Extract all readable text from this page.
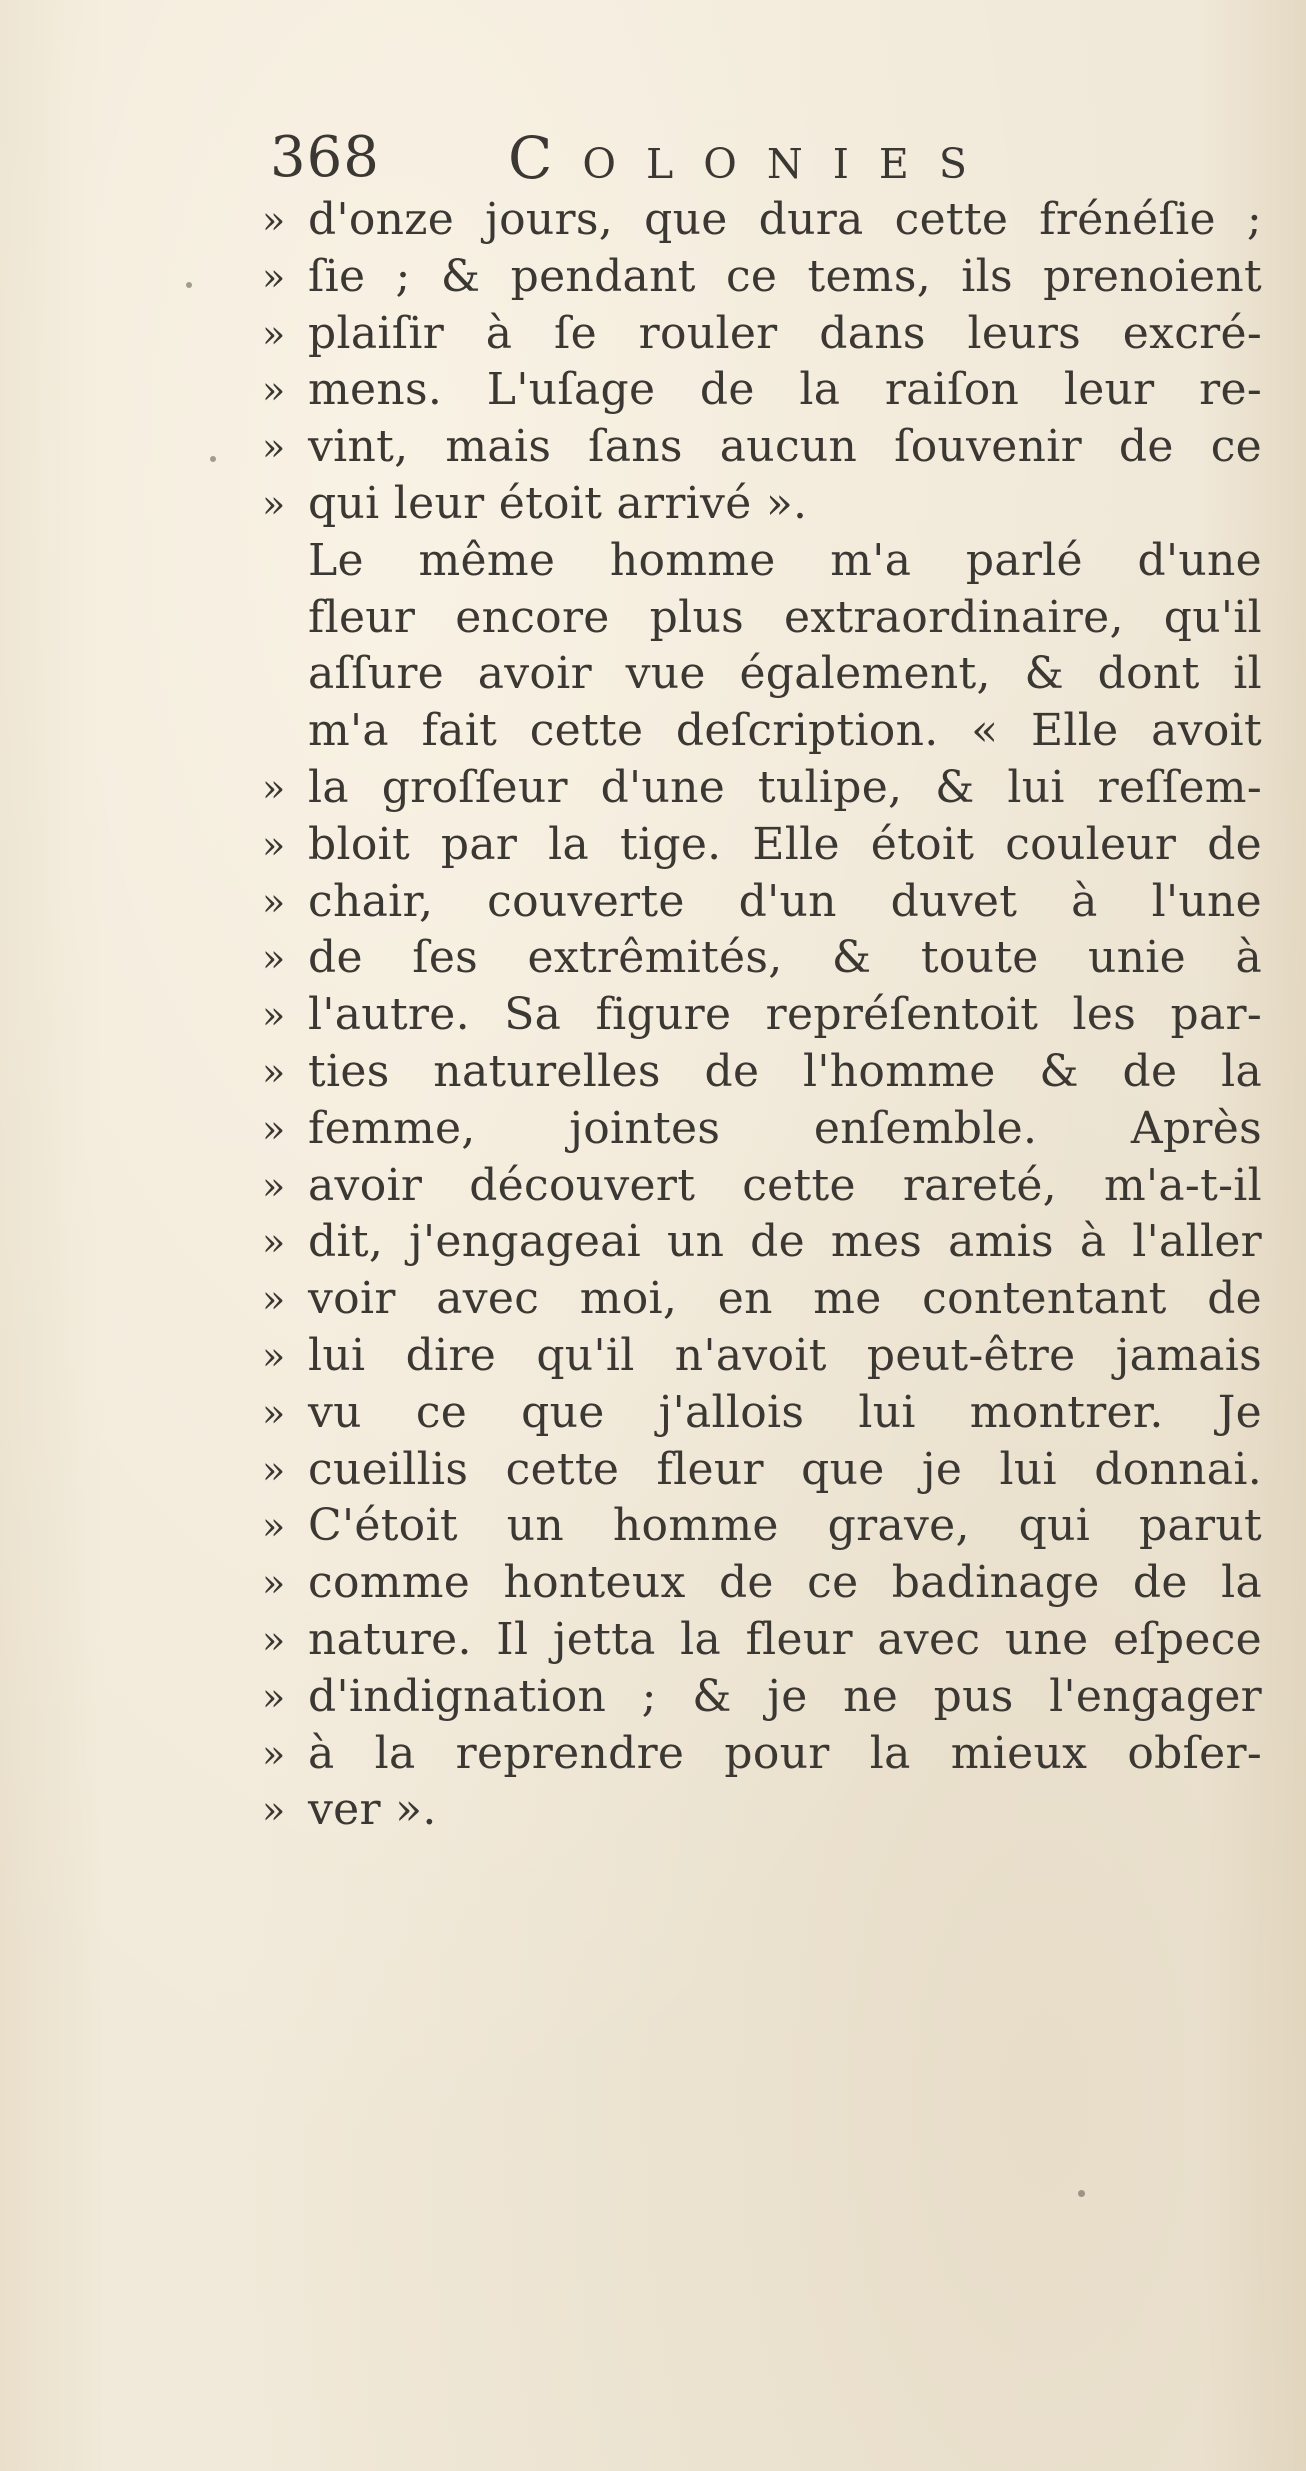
368 Colonies
» d'onze jours, que dura cette frénéſie ;
» ſie ; & pendant ce tems, ils prenoient
» plaiſir à ſe rouler dans leurs excré-
» mens. L'uſage de la raiſon leur re-
» vint, mais ſans aucun ſouvenir de ce
» qui leur étoit arrivé ».
Le même homme m'a parlé d'une
fleur encore plus extraordinaire, qu'il
aſſure avoir vue également, & dont il
m'a fait cette deſcription. « Elle avoit
» la groſſeur d'une tulipe, & lui reſſem-
» bloit par la tige. Elle étoit couleur de
» chair, couverte d'un duvet à l'une
» de ſes extrêmités, & toute unie à
» l'autre. Sa figure repréſentoit les par-
» ties naturelles de l'homme & de la
» femme, jointes enſemble. Après
» avoir découvert cette rareté, m'a-t-il
» dit, j'engageai un de mes amis à l'aller
» voir avec moi, en me contentant de
» lui dire qu'il n'avoit peut-être jamais
» vu ce que j'allois lui montrer. Je
» cueillis cette fleur que je lui donnai.
» C'étoit un homme grave, qui parut
» comme honteux de ce badinage de la
» nature. Il jetta la fleur avec une eſpece
» d'indignation ; & je ne pus l'engager
» à la reprendre pour la mieux obſer-
» ver ».
